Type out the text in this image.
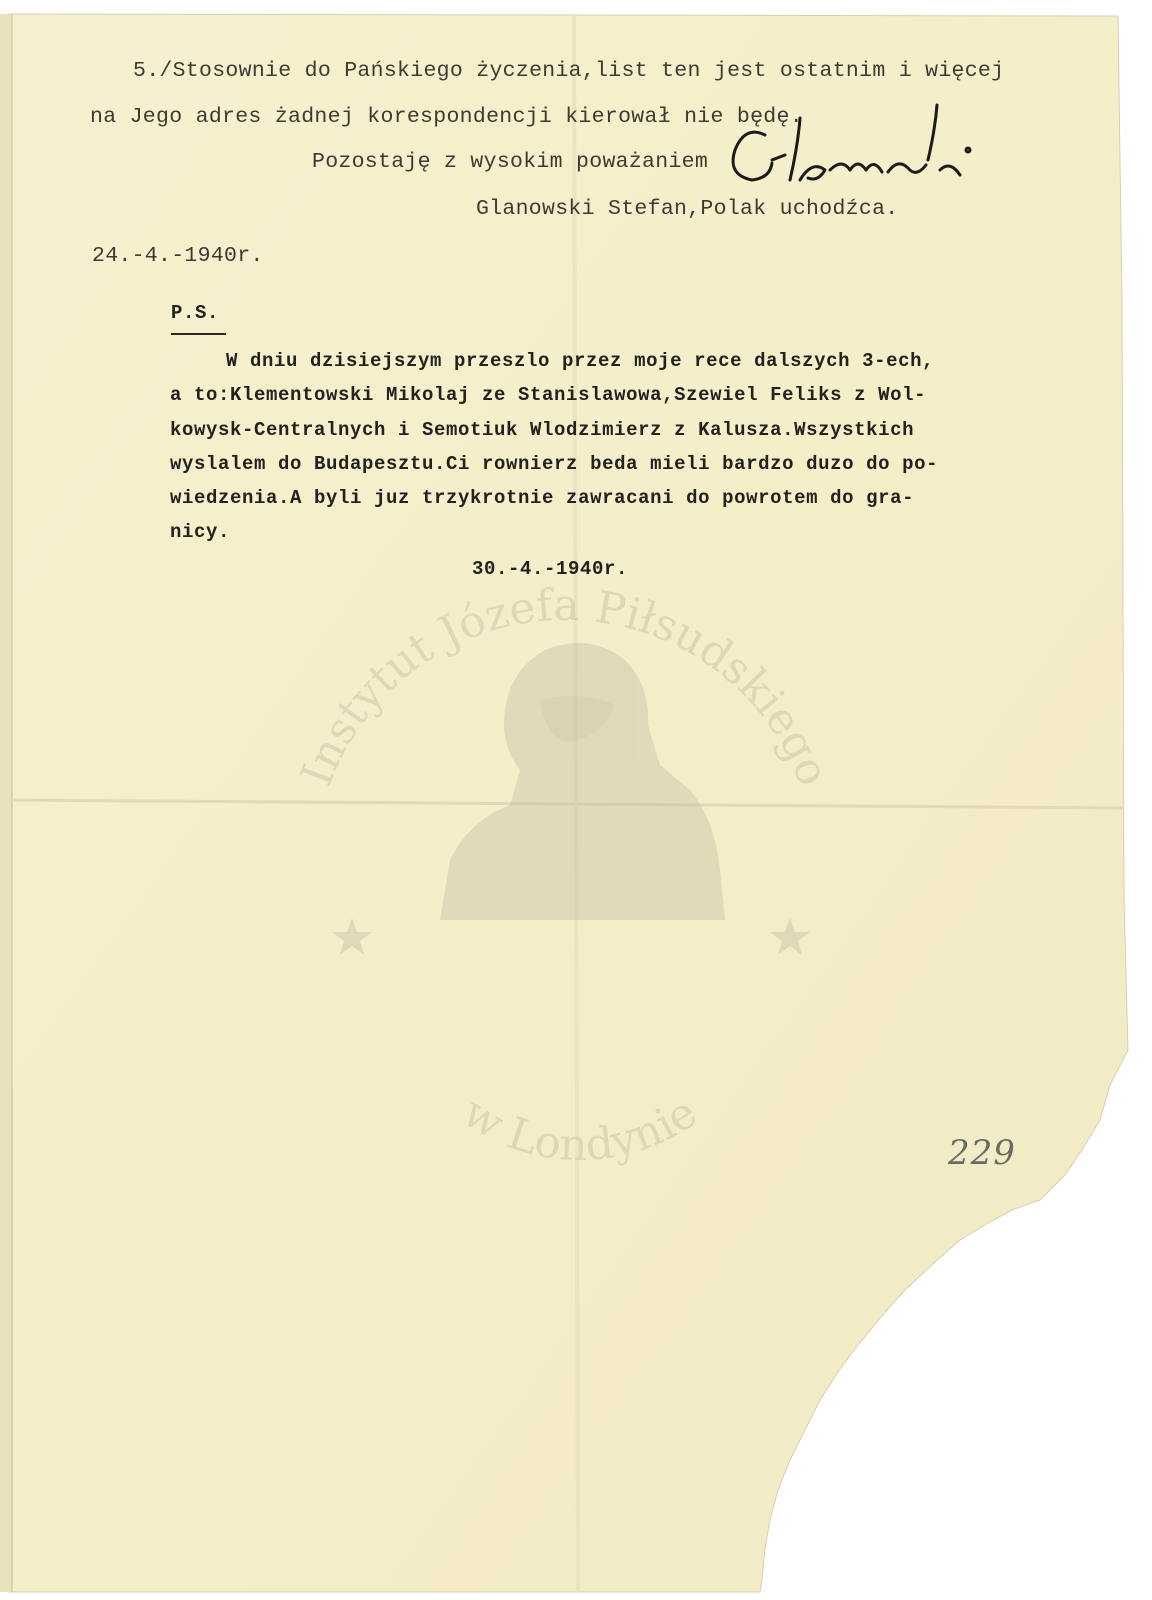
Instytut Józefa Piłsudskiego
w Londynie
5./Stosownie do Pańskiego życzenia,list ten jest ostatnim i więcej
na Jego adres żadnej korespondencji kierował nie będę.
Pozostaję z wysokim poważaniem
Glanowski Stefan,Polak uchodźca.
24.-4.-1940r.
P.S.
W dniu dzisiejszym przeszlo przez moje rece dalszych 3-ech,
a to:Klementowski Mikolaj ze Stanislawowa,Szewiel Feliks z Wol-
kowysk-Centralnych i Semotiuk Wlodzimierz z Kalusza.Wszystkich
wyslalem do Budapesztu.Ci rownierz beda mieli bardzo duzo do po-
wiedzenia.A byli juz trzykrotnie zawracani do powrotem do gra-
nicy.
30.-4.-1940r.
229
